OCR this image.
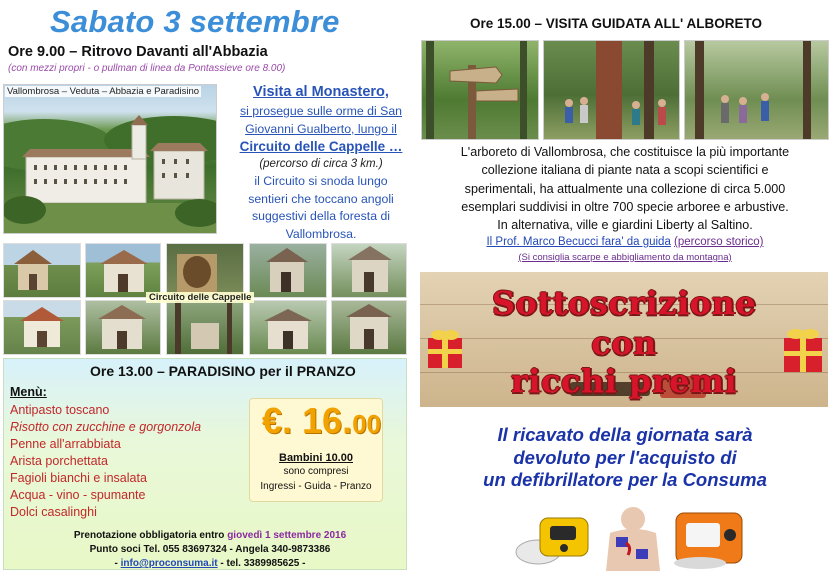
Sabato 3 settembre
Ore 9.00 – Ritrovo Davanti all'Abbazia
(con mezzi propri - o pullman di linea da Pontassieve ore 8.00)
Vallombrosa – Veduta – Abbazia e Paradisino	Visita al Monastero,
si prosegue sulle orme di San
Giovanni Gualberto, lungo il
Circuito delle Cappelle …
(percorso di circa 3 km.)
il Circuito si snoda lungo
sentieri che toccano angoli
suggestivi della foresta di
Vallombrosa.
Circuito delle Cappelle
Ore 13.00 – PARADISINO per il PRANZO
Menù:
Antipasto toscano
Risotto con zucchine e gorgonzola
Penne all'arrabbiata
Arista porchettata
Fagioli bianchi e insalata
Acqua - vino - spumante
Dolci casalinghi
€. 16.00
Bambini 10.00
sono compresi
Ingressi - Guida - Pranzo
Prenotazione obbligatoria entro giovedì 1 settembre 2016
Punto soci Tel. 055 83697324 - Angela 340-9873386
- info@proconsuma.it - tel. 3389985625 -
Ore 15.00 – VISITA GUIDATA ALL' ALBORETO
L'arboreto di Vallombrosa, che costituisce la più importante
collezione italiana di piante nata a scopi scientifici e
sperimentali, ha attualmente una collezione di circa 5.000
esemplari suddivisi in oltre 700 specie arboree e arbustive.
In alternativa, ville e giardini Liberty al Saltino.
Il Prof. Marco Becucci fara' da guida (percorso storico)
(Si consiglia scarpe e abbigliamento da montagna)
Sottoscrizione
con
ricchi premi
Il ricavato della giornata sarà
devoluto per l'acquisto di
un defibrillatore per la Consuma
